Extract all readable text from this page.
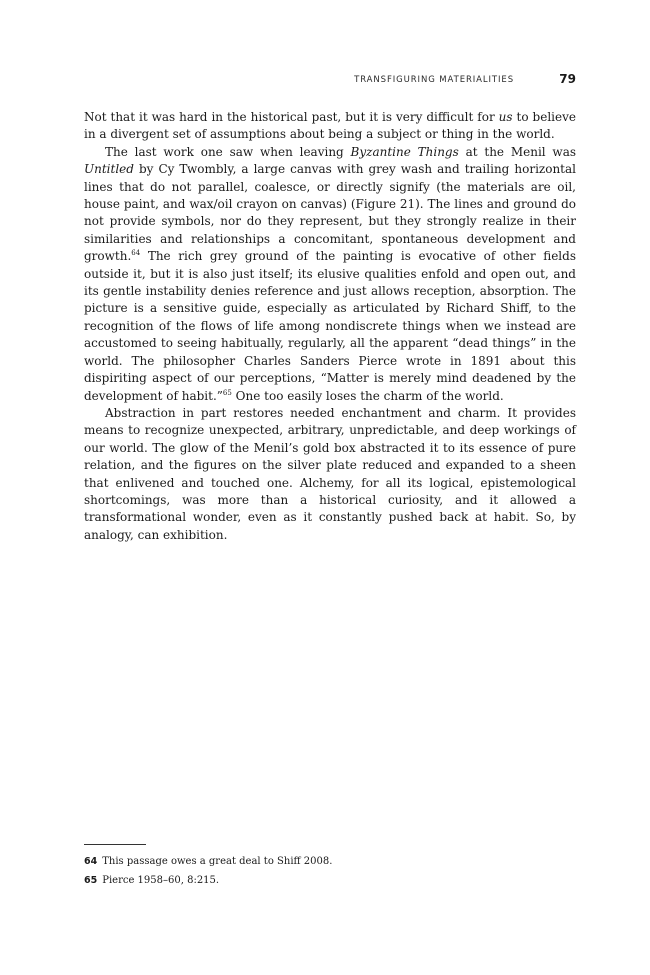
TRANSFIGURING MATERIALITIES	79

Not that it was hard in the historical past, but it is very difficult for us to believe in a divergent set of assumptions about being a subject or thing in the world.

The last work one saw when leaving Byzantine Things at the Menil was Untitled by Cy Twombly, a large canvas with grey wash and trailing horizontal lines that do not parallel, coalesce, or directly signify (the materials are oil, house paint, and wax/oil crayon on canvas) (Figure 21). The lines and ground do not provide symbols, nor do they represent, but they strongly realize in their similarities and relationships a concomitant, spontaneous development and growth.$^{64}$ The rich grey ground of the painting is evocative of other fields outside it, but it is also just itself; its elusive qualities enfold and open out, and its gentle instability denies reference and just allows reception, absorption. The picture is a sensitive guide, especially as articulated by Richard Shiff, to the recognition of the flows of life among nondiscrete things when we instead are accustomed to seeing habitually, regularly, all the apparent “dead things” in the world. The philosopher Charles Sanders Pierce wrote in 1891 about this dispiriting aspect of our perceptions, “Matter is merely mind deadened by the development of habit.”$^{65}$ One too easily loses the charm of the world.

Abstraction in part restores needed enchantment and charm. It provides means to recognize unexpected, arbitrary, unpredictable, and deep workings of our world. The glow of the Menil’s gold box abstracted it to its essence of pure relation, and the figures on the silver plate reduced and expanded to a sheen that enlivened and touched one. Alchemy, for all its logical, epistemological shortcomings, was more than a historical curiosity, and it allowed a transformational wonder, even as it constantly pushed back at habit. So, by analogy, can exhibition.

64 This passage owes a great deal to Shiff 2008.

65 Pierce 1958–60, 8:215.
